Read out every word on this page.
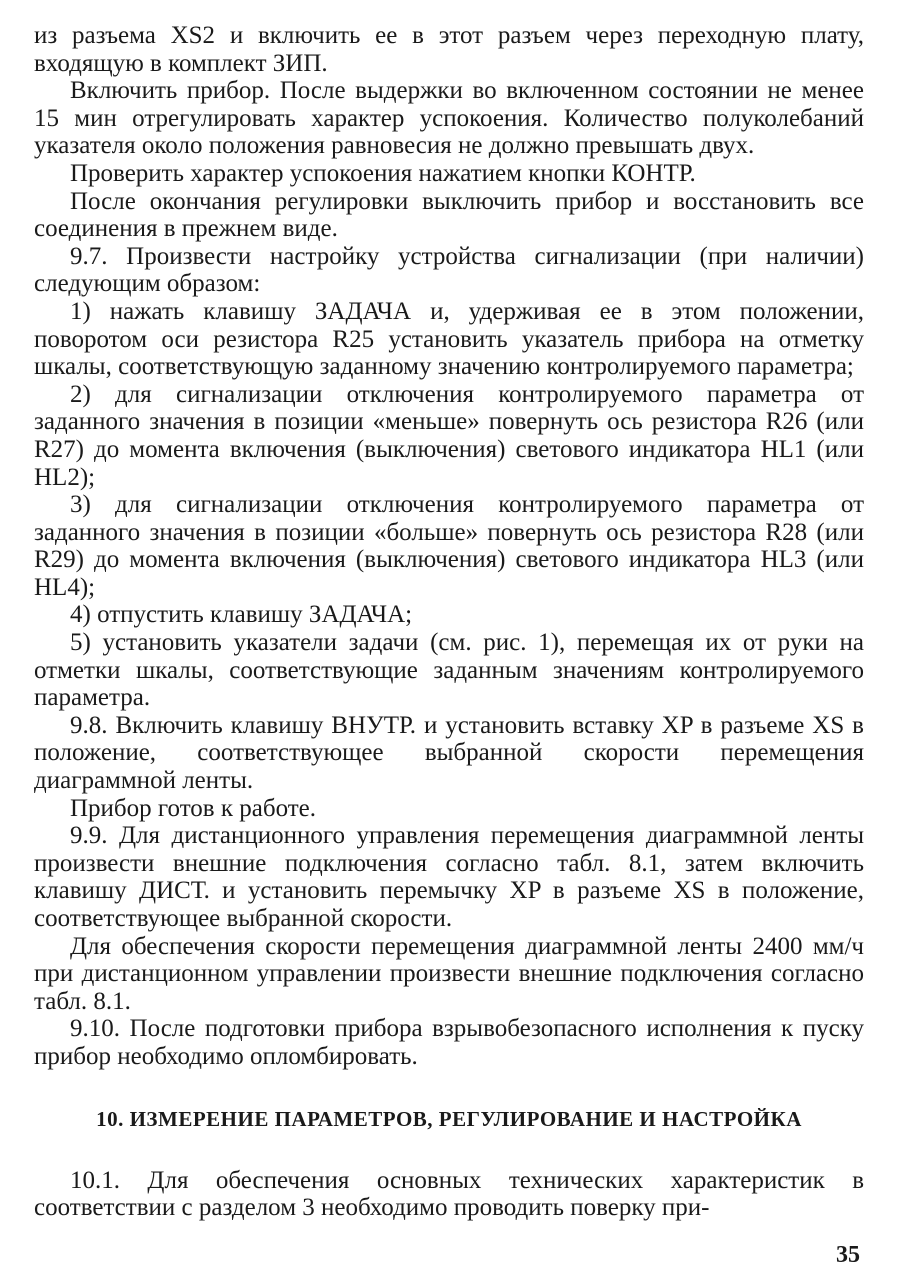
из разъема XS2 и включить ее в этот разъем через переходную плату, входящую в комплект ЗИП.

Включить прибор. После выдержки во включенном состоянии не менее 15 мин отрегулировать характер успокоения. Количество полуколебаний указателя около положения равновесия не должно превышать двух.

Проверить характер успокоения нажатием кнопки КОНТР.

После окончания регулировки выключить прибор и восстановить все соединения в прежнем виде.

9.7. Произвести настройку устройства сигнализации (при наличии) следующим образом:

1) нажать клавишу ЗАДАЧА и, удерживая ее в этом положении, поворотом оси резистора R25 установить указатель прибора на отметку шкалы, соответствующую заданному значению контролируемого параметра;

2) для сигнализации отключения контролируемого параметра от заданного значения в позиции «меньше» повернуть ось резистора R26 (или R27) до момента включения (выключения) светового индикатора HL1 (или HL2);

3) для сигнализации отключения контролируемого параметра от заданного значения в позиции «больше» повернуть ось резистора R28 (или R29) до момента включения (выключения) светового индикатора HL3 (или HL4);

4) отпустить клавишу ЗАДАЧА;

5) установить указатели задачи (см. рис. 1), перемещая их от руки на отметки шкалы, соответствующие заданным значениям контролируемого параметра.

9.8. Включить клавишу ВНУТР. и установить вставку XP в разъеме XS в положение, соответствующее выбранной скорости перемещения диаграммной ленты.

Прибор готов к работе.

9.9. Для дистанционного управления перемещения диаграммной ленты произвести внешние подключения согласно табл. 8.1, затем включить клавишу ДИСТ. и установить перемычку XP в разъеме XS в положение, соответствующее выбранной скорости.

Для обеспечения скорости перемещения диаграммной ленты 2400 мм/ч при дистанционном управлении произвести внешние подключения согласно табл. 8.1.

9.10. После подготовки прибора взрывобезопасного исполнения к пуску прибор необходимо опломбировать.

10. ИЗМЕРЕНИЕ ПАРАМЕТРОВ, РЕГУЛИРОВАНИЕ И НАСТРОЙКА

10.1. Для обеспечения основных технических характеристик в соответствии с разделом 3 необходимо проводить поверку при-

35
